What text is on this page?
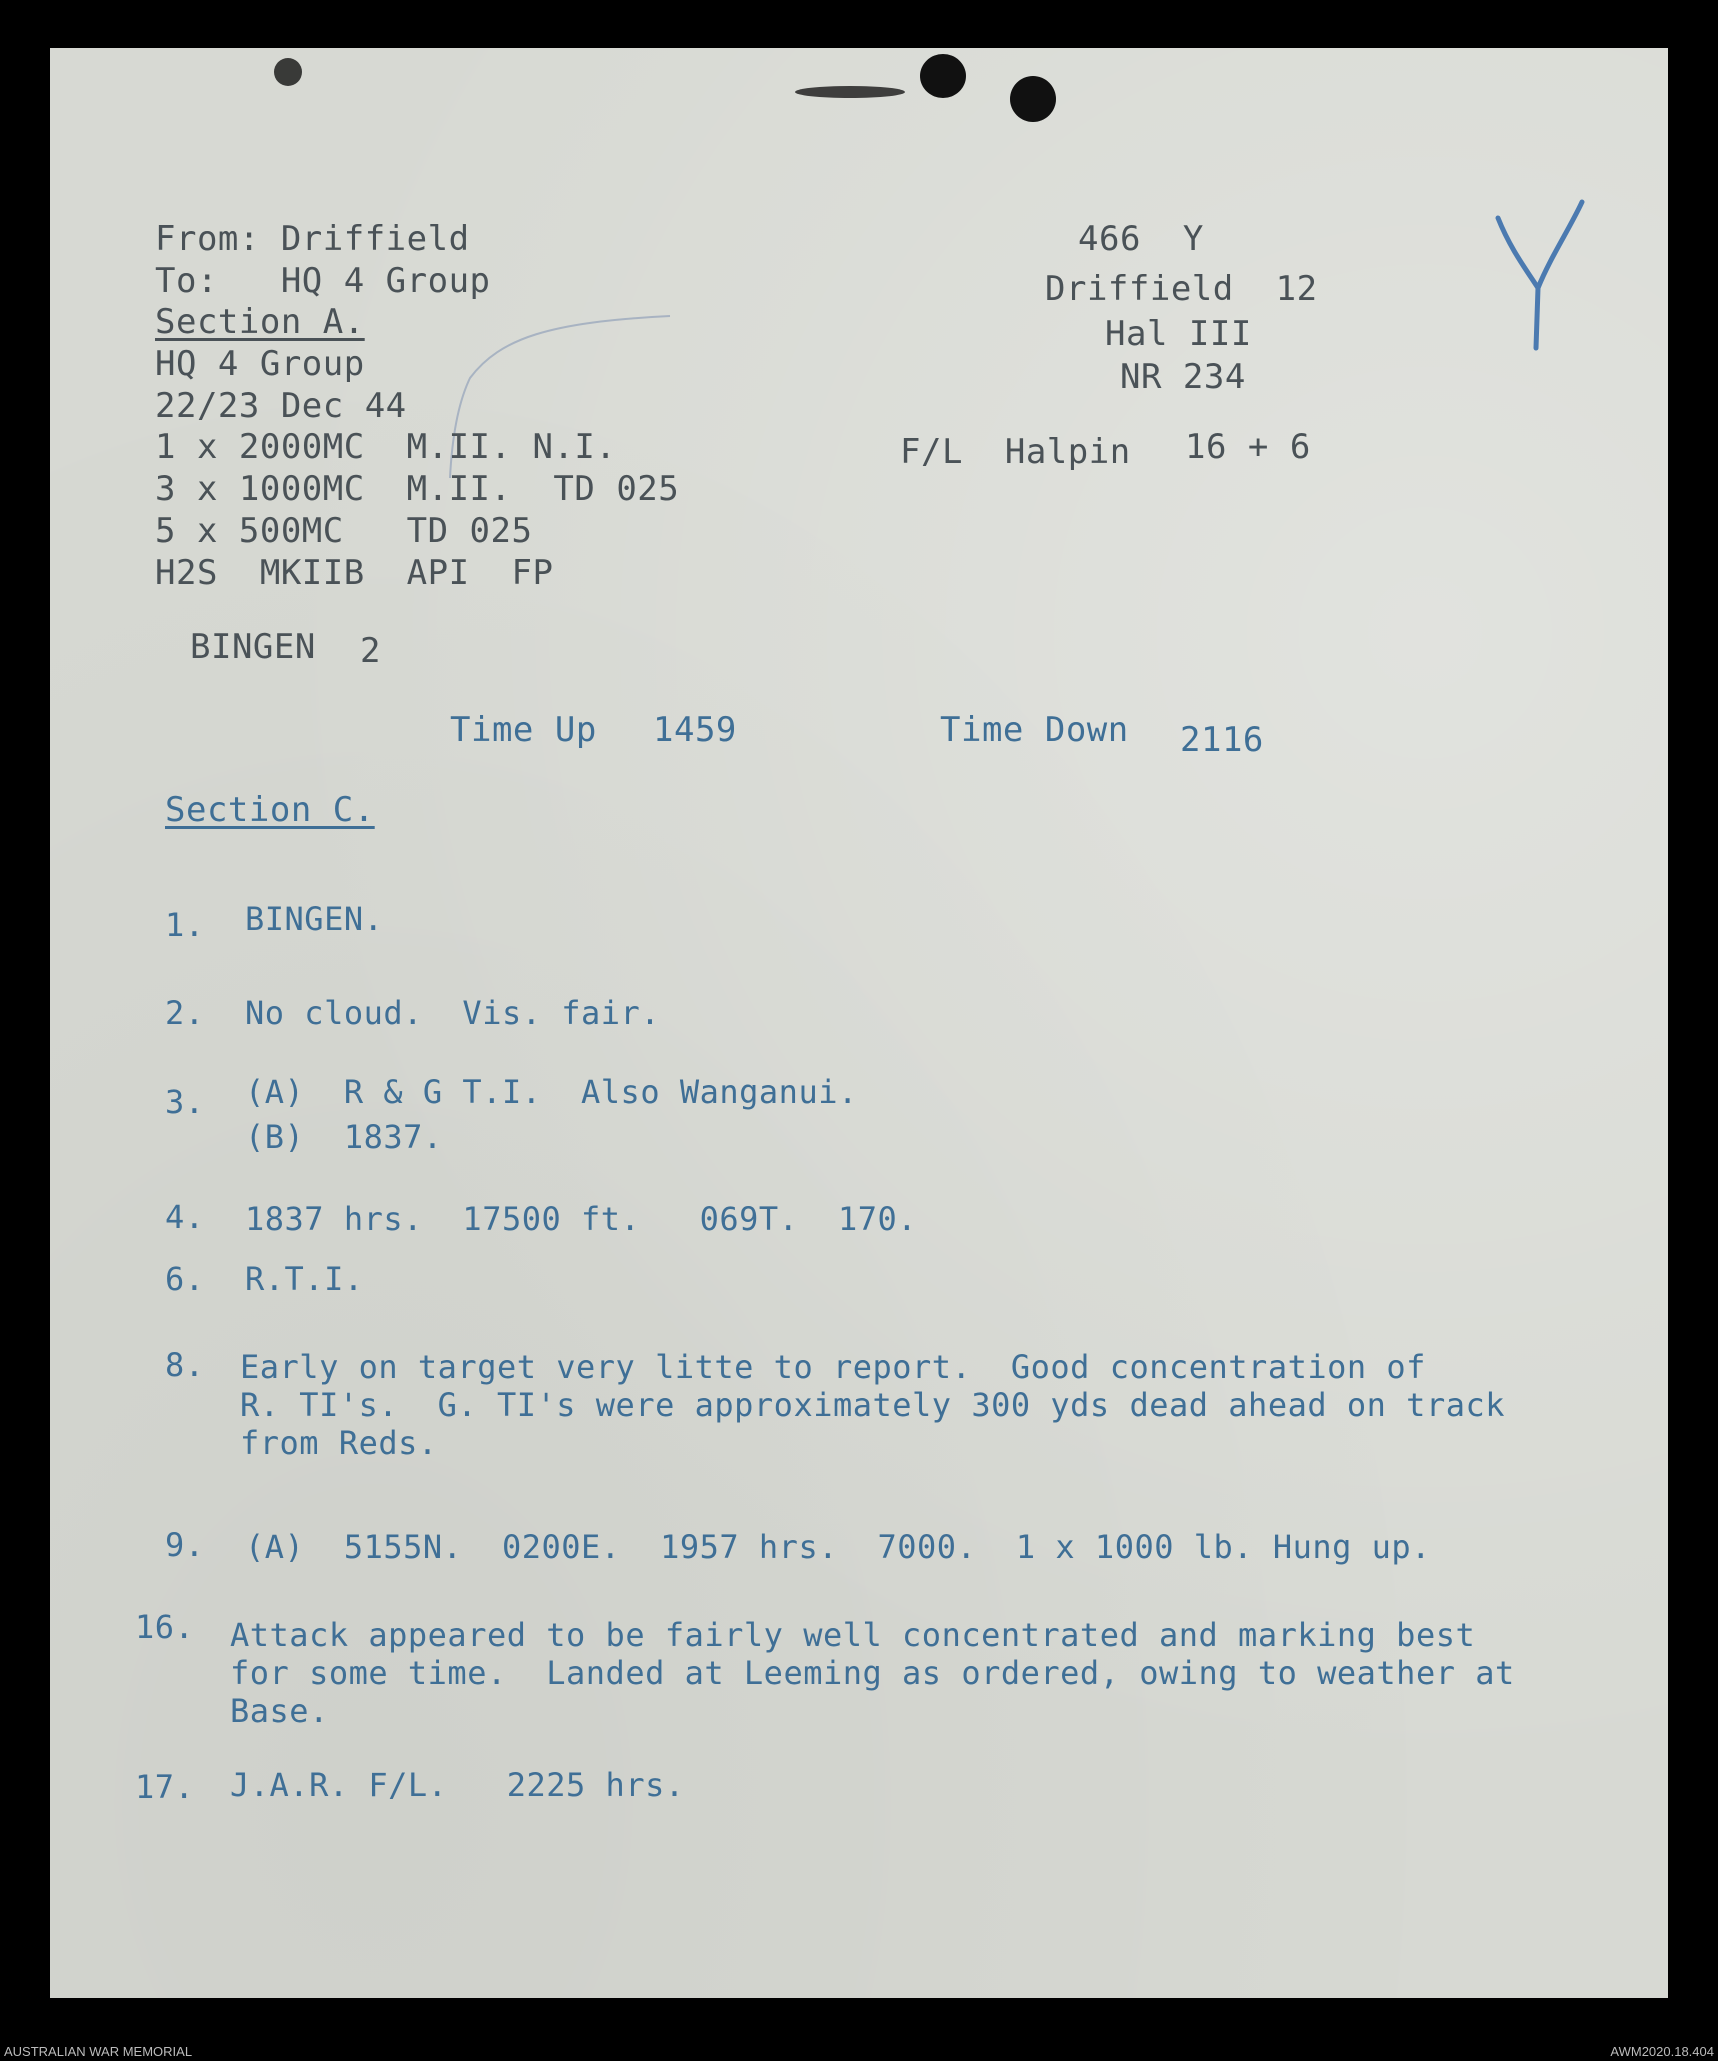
From: Driffield
To:   HQ 4 Group
Section A.
HQ 4 Group
22/23 Dec 44
1 x 2000MC  M.II. N.I.
3 x 1000MC  M.II.  TD 025
5 x 500MC   TD 025
H2S  MKIIB  API  FP
466  Y
Driffield  12
Hal III
NR 234
F/L  Halpin 16 + 6
BINGEN 2
Time Up 1459	Time Down 2116
Section C.
1. BINGEN.
2. No cloud.  Vis. fair.
3. (A)  R & G T.I.  Also Wanganui.
(B)  1837.
4. 1837 hrs.  17500 ft.   069T.  170.
6. R.T.I.
8. Early on target very litte to report.  Good concentration of
R. TI's.  G. TI's were approximately 300 yds dead ahead on track
from Reds.
9. (A)  5155N.  0200E.  1957 hrs.  7000.  1 x 1000 lb. Hung up.
16. Attack appeared to be fairly well concentrated and marking best
for some time.  Landed at Leeming as ordered, owing to weather at
Base.
17. J.A.R. F/L.   2225 hrs.
AUSTRALIAN WAR MEMORIAL	AWM2020.18.404
